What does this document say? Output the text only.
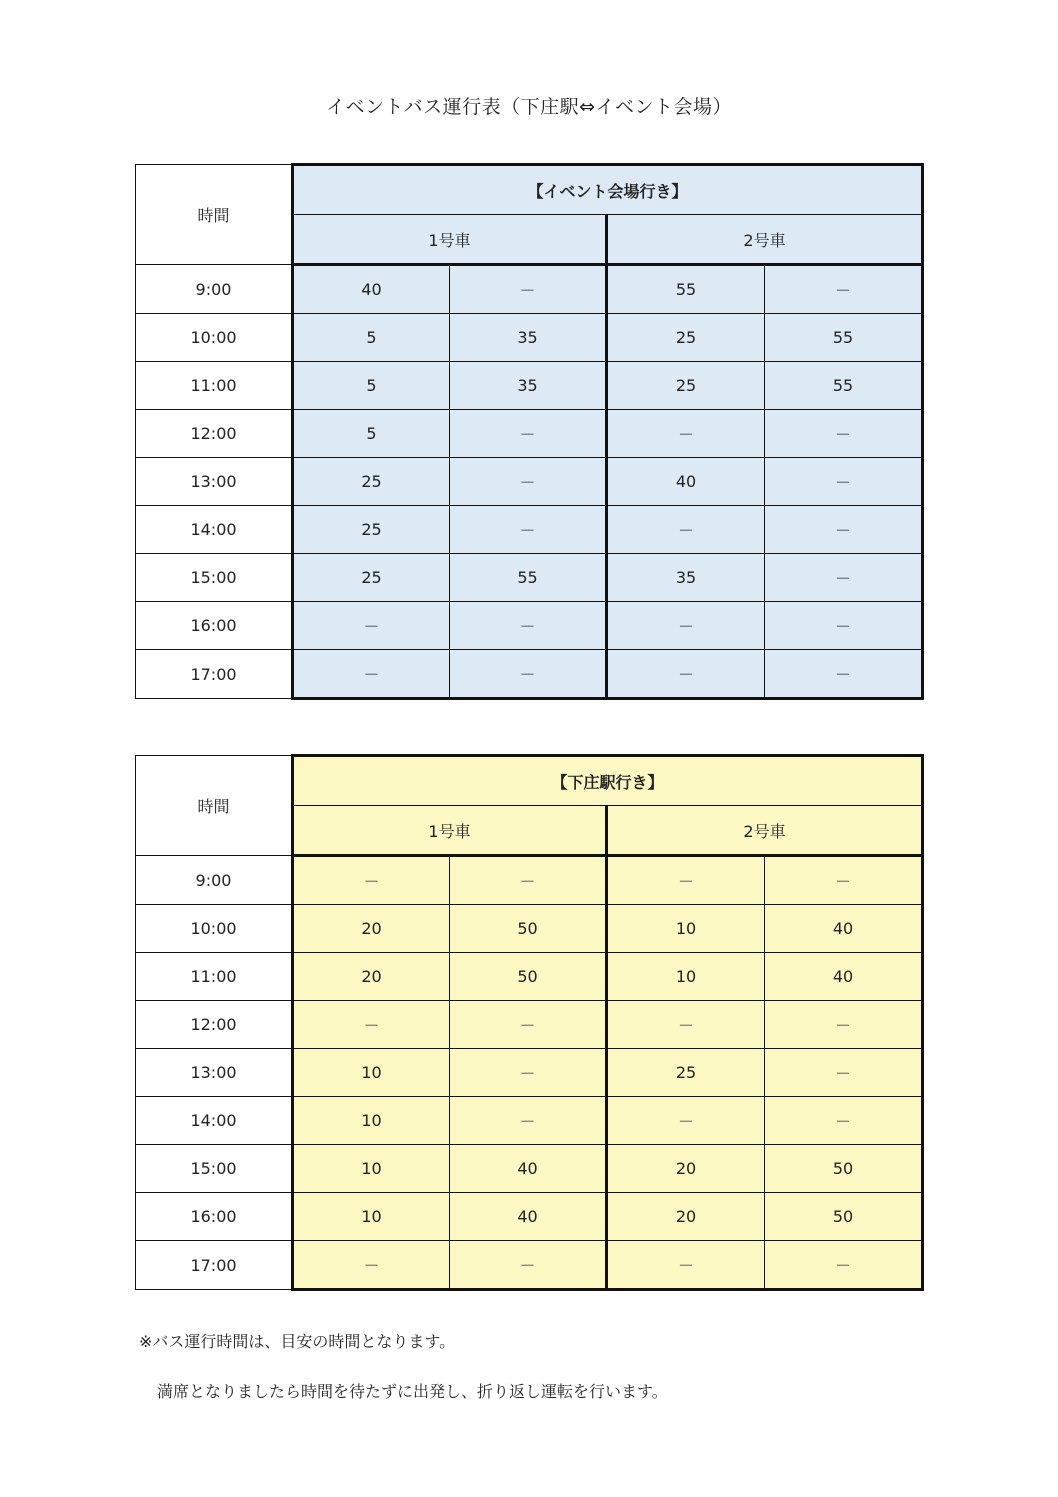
イベントバス運行表（下庄駅⇔イベント会場）
時間	【イベント会場行き】			
	1号車		2号車	
9:00	40	－	55	－
10:00	5	35	25	55
11:00	5	35	25	55
12:00	5	－	－	－
13:00	25	－	40	－
14:00	25	－	－	－
15:00	25	55	35	－
16:00	－	－	－	－
17:00	－	－	－	－
時間	【下庄駅行き】			
	1号車		2号車	
9:00	－	－	－	－
10:00	20	50	10	40
11:00	20	50	10	40
12:00	－	－	－	－
13:00	10	－	25	－
14:00	10	－	－	－
15:00	10	40	20	50
16:00	10	40	20	50
17:00	－	－	－	－
※バス運行時間は、目安の時間となります。
満席となりましたら時間を待たずに出発し、折り返し運転を行います。
